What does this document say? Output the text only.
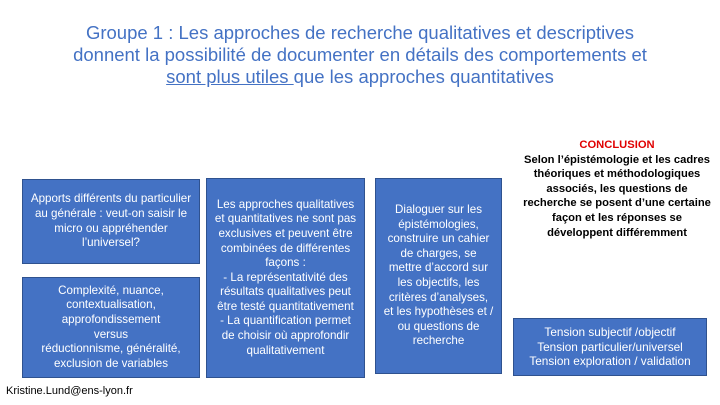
Groupe 1 : Les approches de recherche qualitatives et descriptives
donnent la possibilité de documenter en détails des comportements et
sont plus utiles que les approches quantitatives
Apports différents du particulier au générale : veut-on saisir le micro ou appréhender l’universel?
Complexité, nuance, contextualisation, approfondissement
versus
réductionnisme, généralité, exclusion de variables
Les approches qualitatives et quantitatives ne sont pas exclusives et peuvent être combinées de différentes façons :
- La représentativité des résultats qualitatives peut être testé quantitativement
- La quantification permet de choisir où approfondir qualitativement
Dialoguer sur les épistémologies, construire un cahier de charges, se mettre d’accord sur les objectifs, les critères d’analyses, et les hypothèses et / ou questions de recherche
CONCLUSION
Selon l’épistémologie et les cadres théoriques et méthodologiques associés, les questions de recherche se posent d’une certaine façon et les réponses se développent différemment
Tension subjectif /objectif
Tension particulier/universel
Tension exploration / validation
Kristine.Lund@ens-lyon.fr
